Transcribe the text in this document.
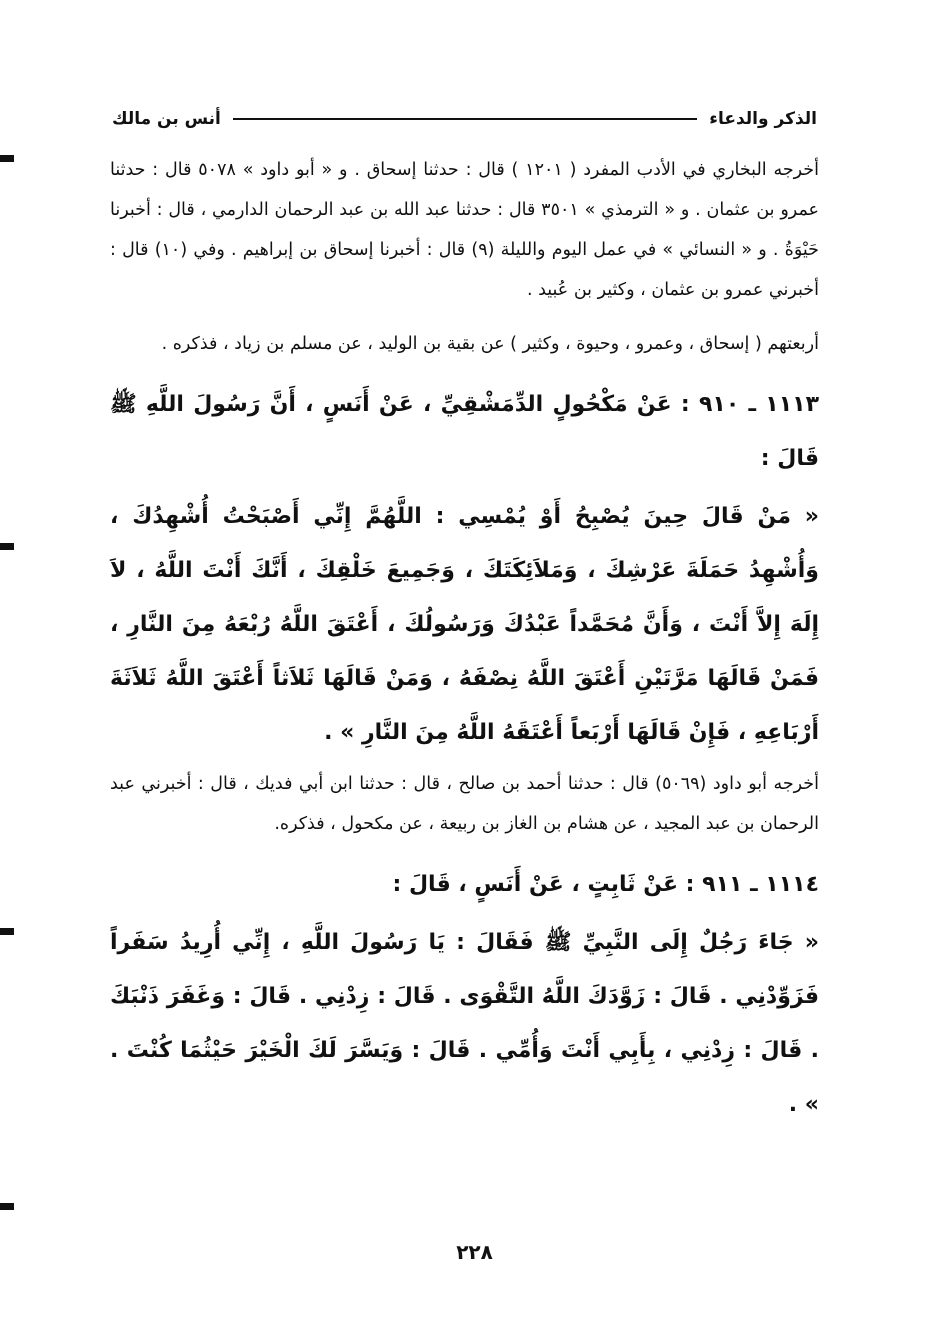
الذكر والدعاء
أنس بن مالك

أخرجه البخاري في الأدب المفرد ( ١٢٠١ ) قال : حدثنا إسحاق . و « أبو داود » ٥٠٧٨ قال : حدثنا عمرو بن عثمان . و « الترمذي » ٣٥٠١ قال : حدثنا عبد الله بن عبد الرحمان الدارمي ، قال : أخبرنا حَيْوَةُ . و « النسائي » في عمل اليوم والليلة (٩) قال : أخبرنا إسحاق بن إبراهيم . وفي (١٠) قال : أخبرني عمرو بن عثمان ، وكثير بن عُبيد .

أربعتهم ( إسحاق ، وعمرو ، وحيوة ، وكثير ) عن بقية بن الوليد ، عن مسلم بن زياد ، فذكره .

١١١٣ ـ ٩١٠ : عَنْ مَكْحُولٍ الدِّمَشْقِيِّ ، عَنْ أَنَسٍ ، أَنَّ رَسُولَ اللَّهِ ﷺ قَالَ :

« مَنْ قَالَ حِينَ يُصْبِحُ أَوْ يُمْسِي : اللَّهُمَّ إِنِّي أَصْبَحْتُ أُشْهِدُكَ ، وَأُشْهِدُ حَمَلَةَ عَرْشِكَ ، وَمَلاَئِكَتَكَ ، وَجَمِيعَ خَلْقِكَ ، أَنَّكَ أَنْتَ اللَّهُ ، لاَ إِلَهَ إِلاَّ أَنْتَ ، وَأَنَّ مُحَمَّداً عَبْدُكَ وَرَسُولُكَ ، أَعْتَقَ اللَّهُ رُبْعَهُ مِنَ النَّارِ ، فَمَنْ قَالَهَا مَرَّتَيْنِ أَعْتَقَ اللَّهُ نِصْفَهُ ، وَمَنْ قَالَهَا ثَلاَثاً أَعْتَقَ اللَّهُ ثَلاَثَةَ أَرْبَاعِهِ ، فَإِنْ قَالَهَا أَرْبَعاً أَعْتَقَهُ اللَّهُ مِنَ النَّارِ » .

أخرجه أبو داود (٥٠٦٩) قال : حدثنا أحمد بن صالح ، قال : حدثنا ابن أبي فديك ، قال : أخبرني عبد الرحمان بن عبد المجيد ، عن هشام بن الغاز بن ربيعة ، عن مكحول ، فذكره.

١١١٤ ـ ٩١١ : عَنْ ثَابِتٍ ، عَنْ أَنَسٍ ، قَالَ :

« جَاءَ رَجُلٌ إِلَى النَّبِيِّ ﷺ فَقَالَ : يَا رَسُولَ اللَّهِ ، إِنِّي أُرِيدُ سَفَراً فَزَوِّدْنِي . قَالَ : زَوَّدَكَ اللَّهُ التَّقْوَى . قَالَ : زِدْنِي . قَالَ : وَغَفَرَ ذَنْبَكَ . قَالَ : زِدْنِي ، بِأَبِي أَنْتَ وَأُمِّي . قَالَ : وَيَسَّرَ لَكَ الْخَيْرَ حَيْثُمَا كُنْتَ . » .

٢٢٨
